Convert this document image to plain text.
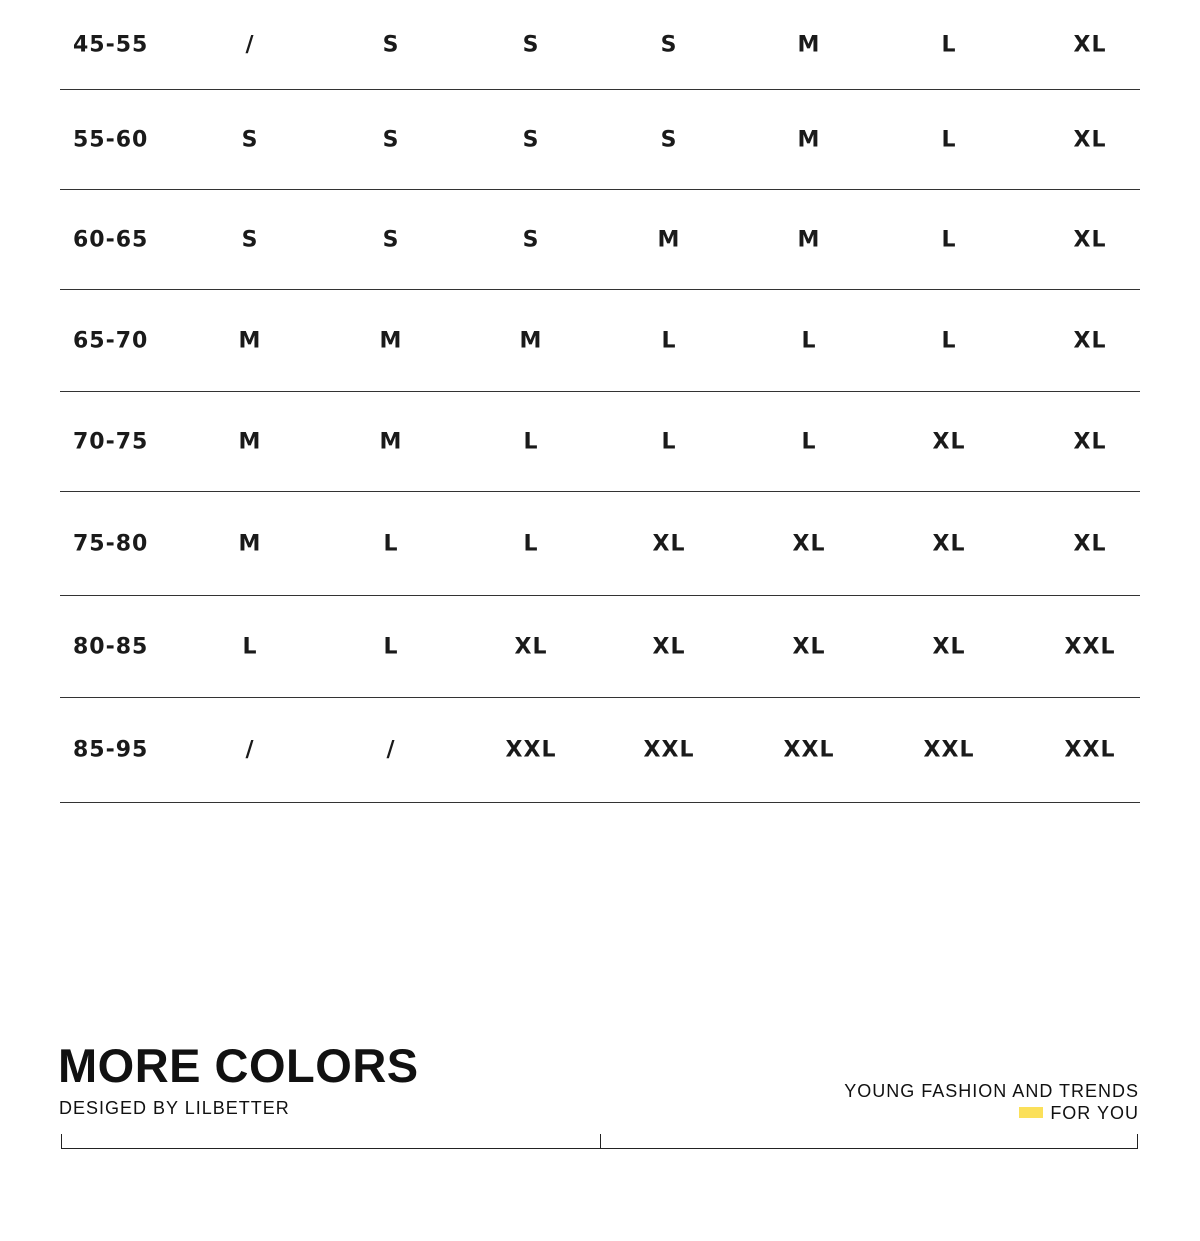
45-55	/	S	S	S	M	L	XL
55-60	S	S	S	S	M	L	XL
60-65	S	S	S	M	M	L	XL
65-70	M	M	M	L	L	L	XL
70-75	M	M	L	L	L	XL	XL
75-80	M	L	L	XL	XL	XL	XL
80-85	L	L	XL	XL	XL	XL	XXL
85-95	/	/	XXL	XXL	XXL	XXL	XXL
MORE COLORS
DESIGED BY LILBETTER
YOUNG FASHION AND TRENDS
FOR YOU
